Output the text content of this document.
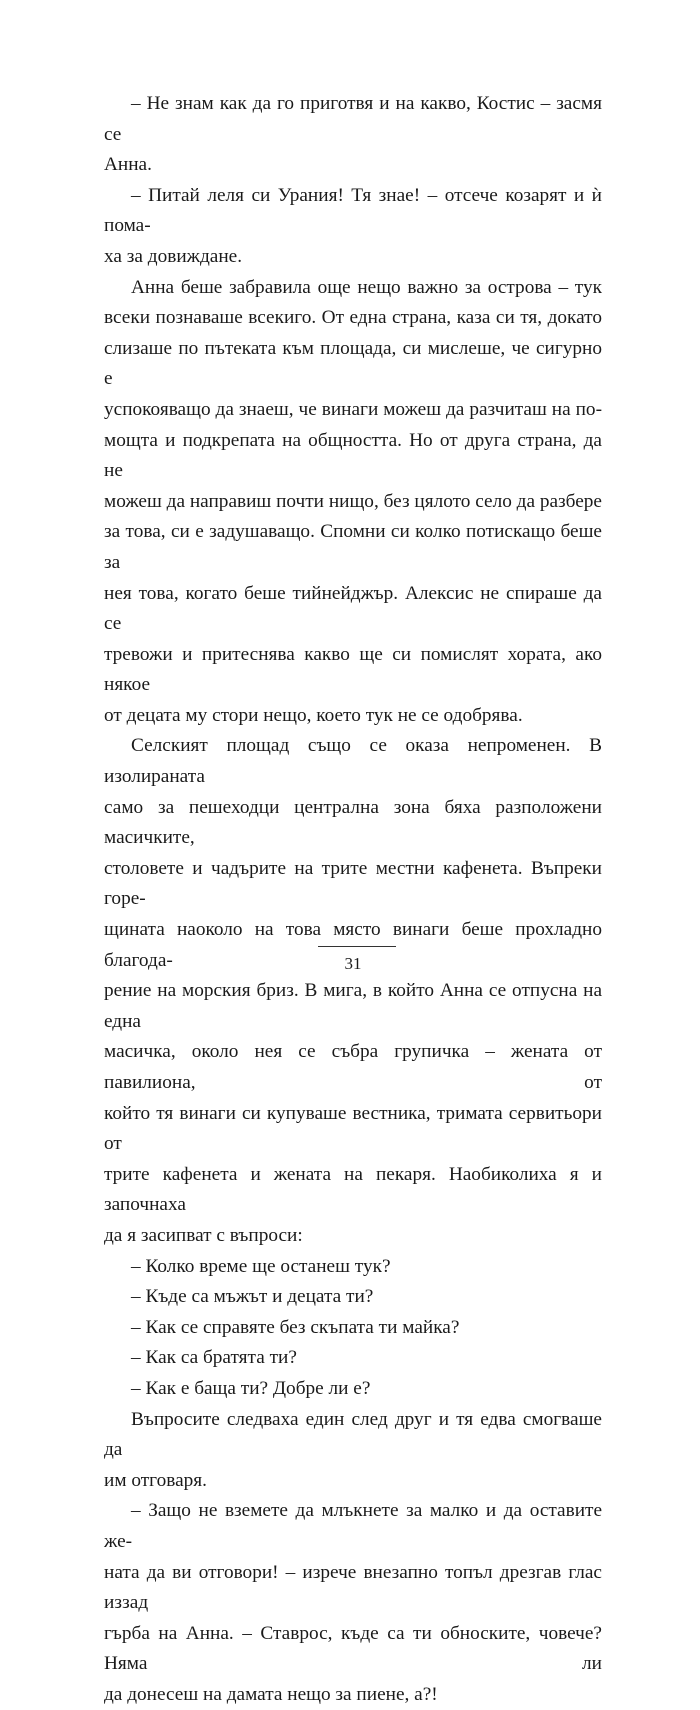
– Не знам как да го приготвя и на какво, Костис – засмя се

Анна.

– Питай леля си Урания! Тя знае! – отсече козарят и ѝ пома-

ха за довиждане.

Анна беше забравила още нещо важно за острова – тук

всеки познаваше всекиго. От една страна, каза си тя, докато

слизаше по пътеката към площада, си мислеше, че сигурно е

успокояващо да знаеш, че винаги можеш да разчиташ на по-

мощта и подкрепата на общността. Но от друга страна, да не

можеш да направиш почти нищо, без цялото село да разбере

за това, си е задушаващо. Спомни си колко потискащо беше за

нея това, когато беше тийнейджър. Алексис не спираше да се

тревожи и притеснява какво ще си помислят хората, ако някое

от децата му стори нещо, което тук не се одобрява.

Селският площад също се оказа непроменен. В изолираната

само за пешеходци централна зона бяха разположени масичките,

столовете и чадърите на трите местни кафенета. Въпреки горе-

щината наоколо на това място винаги беше прохладно благода-

рение на морския бриз. В мига, в който Анна се отпусна на една

масичка, около нея се събра групичка – жената от павилиона, от

който тя винаги си купуваше вестника, тримата сервитьори от

трите кафенета и жената на пекаря. Наобиколиха я и започнаха

да я засипват с въпроси:

– Колко време ще останеш тук?

– Къде са мъжът и децата ти?

– Как се справяте без скъпата ти майка?

– Как са братята ти?

– Как е баща ти? Добре ли е?

Въпросите следваха един след друг и тя едва смогваше да

им отговаря.

– Защо не вземете да млъкнете за малко и да оставите же-

ната да ви отговори! – изрече внезапно топъл дрезгав глас иззад

гърба на Анна. – Ставрос, къде са ти обноските, човече? Няма ли

да донесеш на дамата нещо за пиене, а?!

31
